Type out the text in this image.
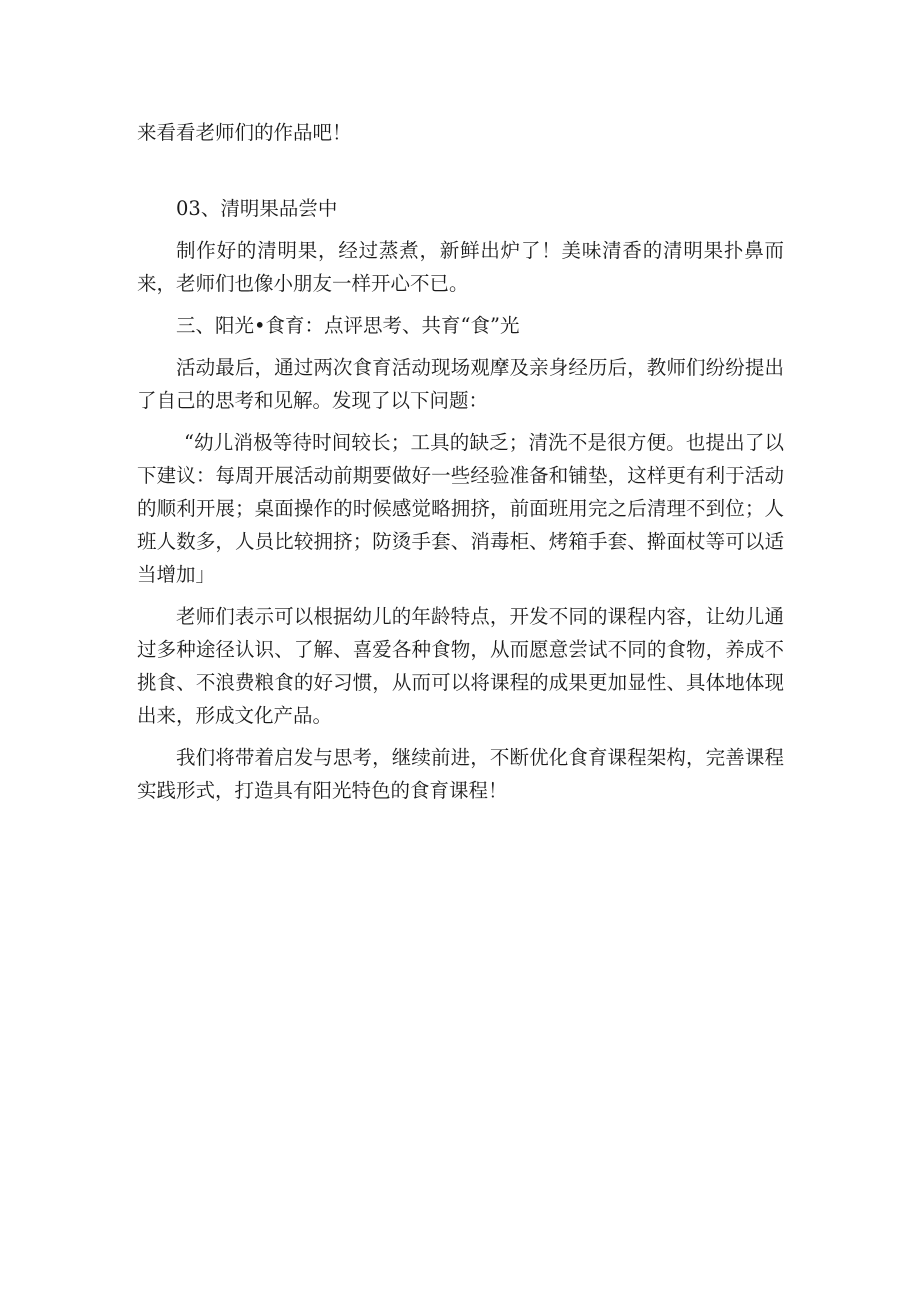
来看看老师们的作品吧！

03、清明果品尝中

制作好的清明果，经过蒸煮，新鲜出炉了！美味清香的清明果扑鼻而来，老师们也像小朋友一样开心不已。

三、阳光•食育：点评思考、共育“食”光

活动最后，通过两次食育活动现场观摩及亲身经历后，教师们纷纷提出了自己的思考和见解。发现了以下问题：

“幼儿消极等待时间较长；工具的缺乏；清洗不是很方便。也提出了以下建议：每周开展活动前期要做好一些经验准备和铺垫，这样更有利于活动的顺利开展；桌面操作的时候感觉略拥挤，前面班用完之后清理不到位；人班人数多，人员比较拥挤；防烫手套、消毒柜、烤箱手套、擀面杖等可以适当增加」

老师们表示可以根据幼儿的年龄特点，开发不同的课程内容，让幼儿通过多种途径认识、了解、喜爱各种食物，从而愿意尝试不同的食物，养成不挑食、不浪费粮食的好习惯，从而可以将课程的成果更加显性、具体地体现出来，形成文化产品。

我们将带着启发与思考，继续前进，不断优化食育课程架构，完善课程实践形式，打造具有阳光特色的食育课程！
